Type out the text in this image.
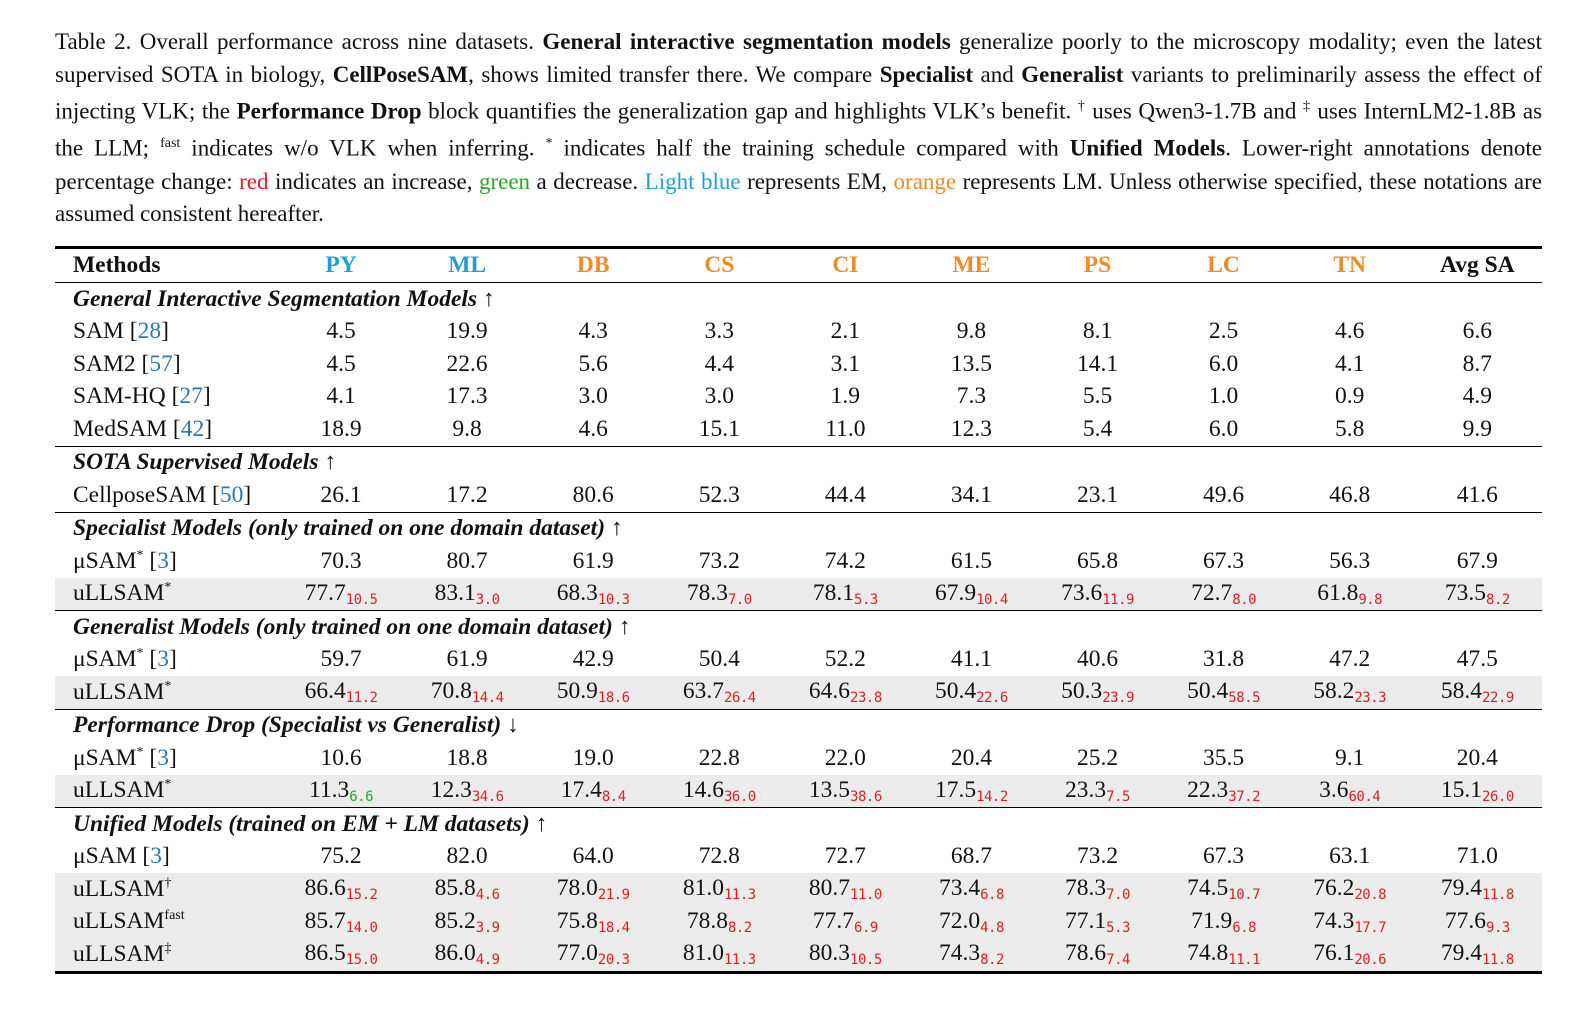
Table 2. Overall performance across nine datasets. General interactive segmentation models generalize poorly to the microscopy modality; even the latest supervised SOTA in biology, CellPoseSAM, shows limited transfer there. We compare Specialist and Generalist variants to preliminarily assess the effect of injecting VLK; the Performance Drop block quantifies the generalization gap and highlights VLK’s benefit. † uses Qwen3-1.7B and ‡ uses InternLM2-1.8B as the LLM; $^{fast}$ indicates w/o VLK when inferring. * indicates half the training schedule compared with Unified Models. Lower-right annotations denote percentage change: red indicates an increase, green a decrease. Light blue represents EM, orange represents LM. Unless otherwise specified, these notations are assumed consistent hereafter.
Methods	PY	ML	DB	CS	CI	ME	PS	LC	TN	Avg SA
General Interactive Segmentation Models ↑										
SAM [28]	4.5	19.9	4.3	3.3	2.1	9.8	8.1	2.5	4.6	6.6
SAM2 [57]	4.5	22.6	5.6	4.4	3.1	13.5	14.1	6.0	4.1	8.7
SAM-HQ [27]	4.1	17.3	3.0	3.0	1.9	7.3	5.5	1.0	0.9	4.9
MedSAM [42]	18.9	9.8	4.6	15.1	11.0	12.3	5.4	6.0	5.8	9.9
SOTA Supervised Models ↑										
CellposeSAM [50]	26.1	17.2	80.6	52.3	44.4	34.1	23.1	49.6	46.8	41.6
Specialist Models (only trained on one domain dataset) ↑										
μSAM* [3]	70.3	80.7	61.9	73.2	74.2	61.5	65.8	67.3	56.3	67.9
uLLSAM*	$77.7_{10.5}$	$83.1_{3.0}$	$68.3_{10.3}$	$78.3_{7.0}$	$78.1_{5.3}$	$67.9_{10.4}$	$73.6_{11.9}$	$72.7_{8.0}$	$61.8_{9.8}$	$73.5_{8.2}$
Generalist Models (only trained on one domain dataset) ↑										
μSAM* [3]	59.7	61.9	42.9	50.4	52.2	41.1	40.6	31.8	47.2	47.5
uLLSAM*	$66.4_{11.2}$	$70.8_{14.4}$	$50.9_{18.6}$	$63.7_{26.4}$	$64.6_{23.8}$	$50.4_{22.6}$	$50.3_{23.9}$	$50.4_{58.5}$	$58.2_{23.3}$	$58.4_{22.9}$
Performance Drop (Specialist vs Generalist) ↓										
μSAM* [3]	10.6	18.8	19.0	22.8	22.0	20.4	25.2	35.5	9.1	20.4
uLLSAM*	$11.3_{6.6}$	$12.3_{34.6}$	$17.4_{8.4}$	$14.6_{36.0}$	$13.5_{38.6}$	$17.5_{14.2}$	$23.3_{7.5}$	$22.3_{37.2}$	$3.6_{60.4}$	$15.1_{26.0}$
Unified Models (trained on EM + LM datasets) ↑										
μSAM [3]	75.2	82.0	64.0	72.8	72.7	68.7	73.2	67.3	63.1	71.0
uLLSAM†	$86.6_{15.2}$	$85.8_{4.6}$	$78.0_{21.9}$	$81.0_{11.3}$	$80.7_{11.0}$	$73.4_{6.8}$	$78.3_{7.0}$	$74.5_{10.7}$	$76.2_{20.8}$	$79.4_{11.8}$
uLLSAM$^{fast}$	$85.7_{14.0}$	$85.2_{3.9}$	$75.8_{18.4}$	$78.8_{8.2}$	$77.7_{6.9}$	$72.0_{4.8}$	$77.1_{5.3}$	$71.9_{6.8}$	$74.3_{17.7}$	$77.6_{9.3}$
uLLSAM‡	$86.5_{15.0}$	$86.0_{4.9}$	$77.0_{20.3}$	$81.0_{11.3}$	$80.3_{10.5}$	$74.3_{8.2}$	$78.6_{7.4}$	$74.8_{11.1}$	$76.1_{20.6}$	$79.4_{11.8}$
